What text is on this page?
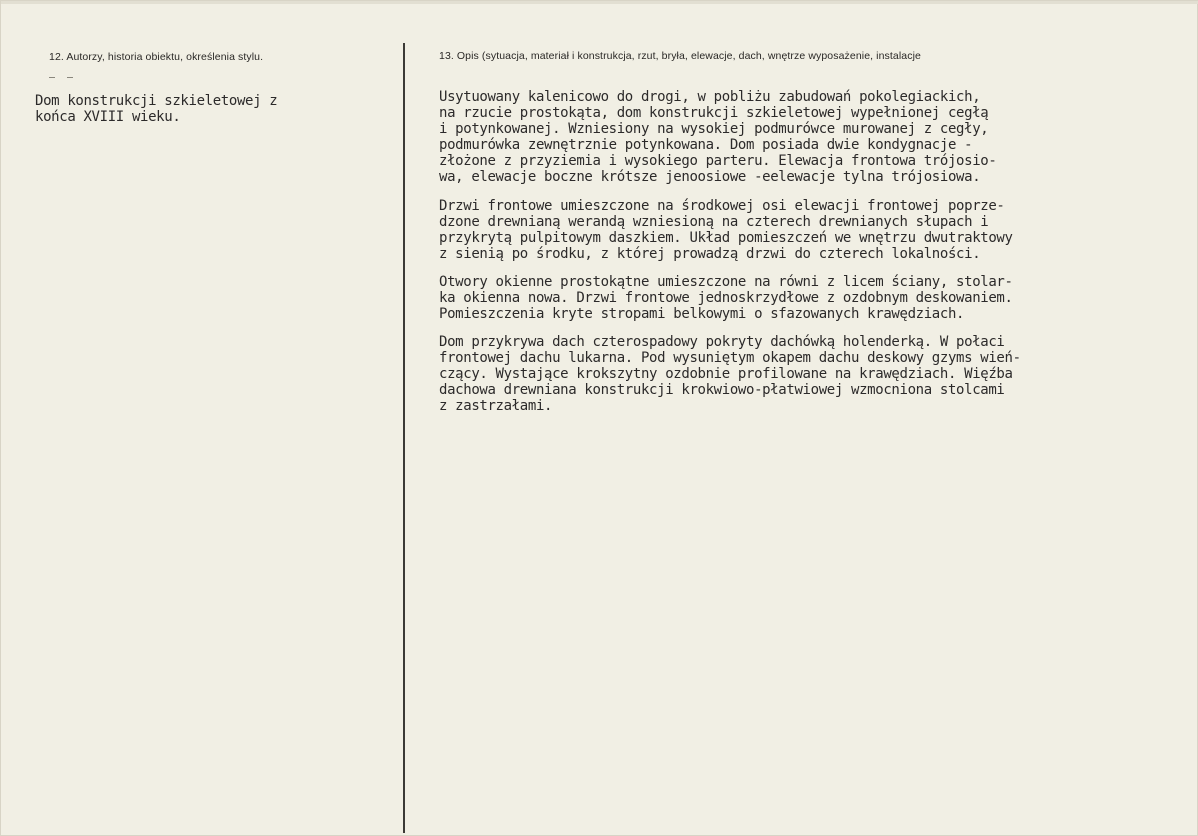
12. Autorzy, historia obiektu, określenia stylu.	13. Opis (sytuacja, materiał i konstrukcja, rzut, bryła, elewacje, dach, wnętrze wyposażenie, instalacje
Dom konstrukcji szkieletowej z
końca XVIII wieku.
Usytuowany kalenicowo do drogi, w pobliżu zabudowań pokolegiackich,
na rzucie prostokąta, dom konstrukcji szkieletowej wypełnionej cegłą
i potynkowanej. Wzniesiony na wysokiej podmurówce murowanej z cegły,
podmurówka zewnętrznie potynkowana. Dom posiada dwie kondygnacje -
złożone z przyziemia i wysokiego parteru. Elewacja frontowa trójosio-
wa, elewacje boczne krótsze jenoosiowe -eelewacje tylna trójosiowa.
Drzwi frontowe umieszczone na środkowej osi elewacji frontowej poprze-
dzone drewnianą werandą wzniesioną na czterech drewnianych słupach i
przykrytą pulpitowym daszkiem. Układ pomieszczeń we wnętrzu dwutraktowy
z sienią po środku, z której prowadzą drzwi do czterech lokalności.
Otwory okienne prostokątne umieszczone na równi z licem ściany, stolar-
ka okienna nowa. Drzwi frontowe jednoskrzydłowe z ozdobnym deskowaniem.
Pomieszczenia kryte stropami belkowymi o sfazowanych krawędziach.
Dom przykrywa dach czterospadowy pokryty dachówką holenderką. W połaci
frontowej dachu lukarna. Pod wysuniętym okapem dachu deskowy gzyms wień-
czący. Wystające krokszytny ozdobnie profilowane na krawędziach. Więźba
dachowa drewniana konstrukcji krokwiowo-płatwiowej wzmocniona stolcami
z zastrzałami.
